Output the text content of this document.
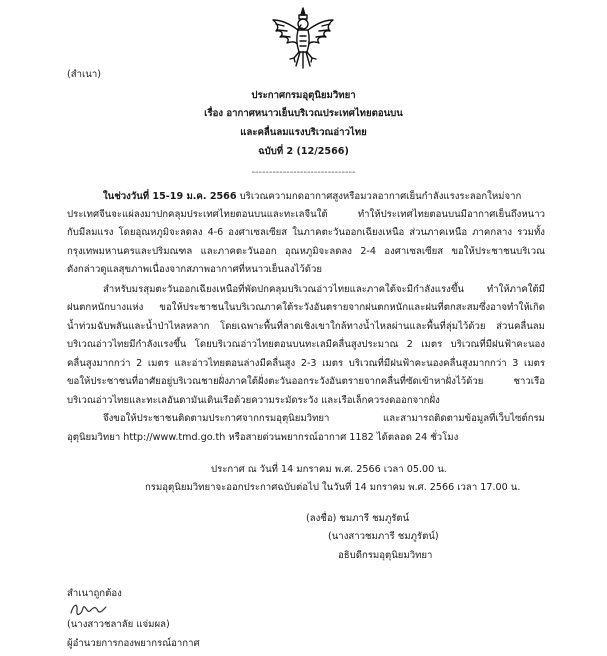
(สำเนา)
ประกาศกรมอุตุนิยมวิทยา
เรื่อง อากาศหนาวเย็นบริเวณประเทศไทยตอนบน
และคลื่นลมแรงบริเวณอ่าวไทย
ฉบับที่ 2 (12/2566)
------------------------------
ในช่วงวันที่ 15-19 ม.ค. 2566 บริเวณความกดอากาศสูงหรือมวลอากาศเย็นกำลังแรงระลอกใหม่จาก
ประเทศจีนจะแผ่ลงมาปกคลุมประเทศไทยตอนบนและทะเลจีนใต้ ทำให้ประเทศไทยตอนบนมีอากาศเย็นถึงหนาว
กับมีลมแรง โดยอุณหภูมิจะลดลง 4-6 องศาเซลเซียส ในภาคตะวันออกเฉียงเหนือ ส่วนภาคเหนือ ภาคกลาง รวมทั้ง
กรุงเทพมหานครและปริมณฑล และภาคตะวันออก อุณหภูมิจะลดลง 2-4 องศาเซลเซียส ขอให้ประชาชนบริเวณ
ดังกล่าวดูแลสุขภาพเนื่องจากสภาพอากาศที่หนาวเย็นลงไว้ด้วย
สำหรับมรสุมตะวันออกเฉียงเหนือที่พัดปกคลุมบริเวณอ่าวไทยและภาคใต้จะมีกำลังแรงขึ้น ทำให้ภาคใต้มี
ฝนตกหนักบางแห่ง ขอให้ประชาชนในบริเวณภาคใต้ระวังอันตรายจากฝนตกหนักและฝนที่ตกสะสมซึ่งอาจทำให้เกิด
น้ำท่วมฉับพลันและน้ำป่าไหลหลาก โดยเฉพาะพื้นที่ลาดเชิงเขาใกล้ทางน้ำไหลผ่านและพื้นที่ลุ่มไว้ด้วย ส่วนคลื่นลม
บริเวณอ่าวไทยมีกำลังแรงขึ้น โดยบริเวณอ่าวไทยตอนบนทะเลมีคลื่นสูงประมาณ 2 เมตร บริเวณที่มีฝนฟ้าคะนอง
คลื่นสูงมากกว่า 2 เมตร และอ่าวไทยตอนล่างมีคลื่นสูง 2-3 เมตร บริเวณที่มีฝนฟ้าคะนองคลื่นสูงมากกว่า 3 เมตร
ขอให้ประชาชนที่อาศัยอยู่บริเวณชายฝั่งภาคใต้ฝั่งตะวันออกระวังอันตรายจากคลื่นที่ซัดเข้าหาฝั่งไว้ด้วย ชาวเรือ
บริเวณอ่าวไทยและทะเลอันดามันเดินเรือด้วยความระมัดระวัง และเรือเล็กควรงดออกจากฝั่ง
จึงขอให้ประชาชนติดตามประกาศจากกรมอุตุนิยมวิทยา และสามารถติดตามข้อมูลที่เว็บไซต์กรม
อุตุนิยมวิทยา http://www.tmd.go.th หรือสายด่วนพยากรณ์อากาศ 1182 ได้ตลอด 24 ชั่วโมง
ประกาศ ณ วันที่ 14 มกราคม พ.ศ. 2566 เวลา 05.00 น.
กรมอุตุนิยมวิทยาจะออกประกาศฉบับต่อไป ในวันที่ 14 มกราคม พ.ศ. 2566 เวลา 17.00 น.
(ลงชื่อ) ชมภารี ชมภูรัตน์
(นางสาวชมภารี ชมภูรัตน์)
อธิบดีกรมอุตุนิยมวิทยา
สำเนาถูกต้อง
(นางสาวชลาลัย แจ่มผล)
ผู้อำนวยการกองพยากรณ์อากาศ
